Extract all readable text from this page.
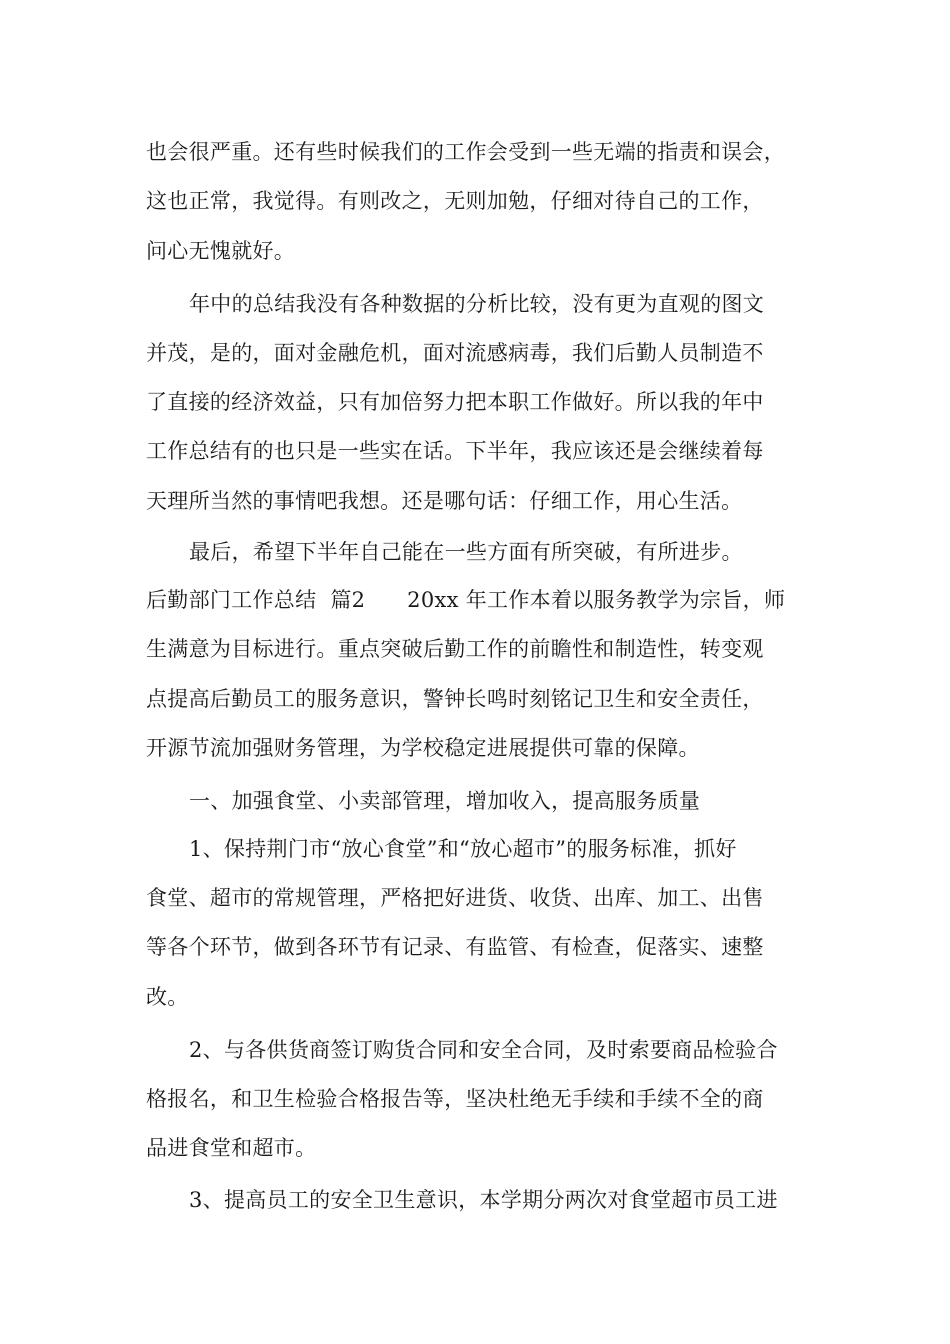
也会很严重。还有些时候我们的工作会受到一些无端的指责和误会，
这也正常，我觉得。有则改之，无则加勉，仔细对待自己的工作，
问心无愧就好。
年中的总结我没有各种数据的分析比较，没有更为直观的图文
并茂，是的，面对金融危机，面对流感病毒，我们后勤人员制造不
了直接的经济效益，只有加倍努力把本职工作做好。所以我的年中
工作总结有的也只是一些实在话。下半年，我应该还是会继续着每
天理所当然的事情吧我想。还是哪句话：仔细工作，用心生活。
最后，希望下半年自己能在一些方面有所突破，有所进步。
后勤部门工作总结  篇2      20xx 年工作本着以服务教学为宗旨，师
生满意为目标进行。重点突破后勤工作的前瞻性和制造性，转变观
点提高后勤员工的服务意识，警钟长鸣时刻铭记卫生和安全责任，
开源节流加强财务管理，为学校稳定进展提供可靠的保障。
一、加强食堂、小卖部管理，增加收入，提高服务质量
1、保持荆门市“放心食堂”和“放心超市”的服务标准，抓好
食堂、超市的常规管理，严格把好进货、收货、出库、加工、出售
等各个环节，做到各环节有记录、有监管、有检查，促落实、速整
改。
2、与各供货商签订购货合同和安全合同，及时索要商品检验合
格报名，和卫生检验合格报告等，坚决杜绝无手续和手续不全的商
品进食堂和超市。
3、提高员工的安全卫生意识，本学期分两次对食堂超市员工进
